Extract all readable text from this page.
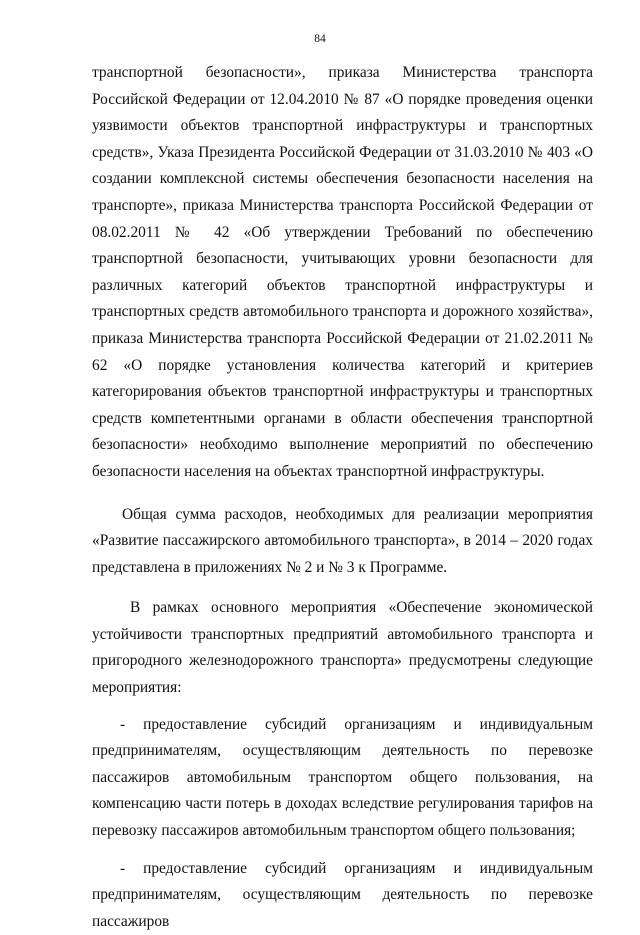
84

транспортной безопасности», приказа Министерства транспорта Российской Федерации от 12.04.2010 № 87 «О порядке проведения оценки уязвимости объектов транспортной инфраструктуры и транспортных средств», Указа Президента Российской Федерации от 31.03.2010 № 403 «О создании комплексной системы обеспечения безопасности населения на транспорте», приказа Министерства транспорта Российской Федерации от 08.02.2011 № 42 «Об утверждении Требований по обеспечению транспортной безопасности, учитывающих уровни безопасности для различных категорий объектов транспортной инфраструктуры и транспортных средств автомобильного транспорта и дорожного хозяйства», приказа Министерства транспорта Российской Федерации от 21.02.2011 № 62 «О порядке установления количества категорий и критериев категорирования объектов транспортной инфраструктуры и транспортных средств компетентными органами в области обеспечения транспортной безопасности» необходимо выполнение мероприятий по обеспечению безопасности населения на объектах транспортной инфраструктуры.

Общая сумма расходов, необходимых для реализации мероприятия «Развитие пассажирского автомобильного транспорта», в 2014 – 2020 годах представлена в приложениях № 2 и № 3 к Программе.

В рамках основного мероприятия «Обеспечение экономической устойчивости транспортных предприятий автомобильного транспорта и пригородного железнодорожного транспорта» предусмотрены следующие мероприятия:

- предоставление субсидий организациям и индивидуальным предпринимателям, осуществляющим деятельность по перевозке пассажиров автомобильным транспортом общего пользования, на компенсацию части потерь в доходах вследствие регулирования тарифов на перевозку пассажиров автомобильным транспортом общего пользования;

- предоставление субсидий организациям и индивидуальным предпринимателям, осуществляющим деятельность по перевозке пассажиров
